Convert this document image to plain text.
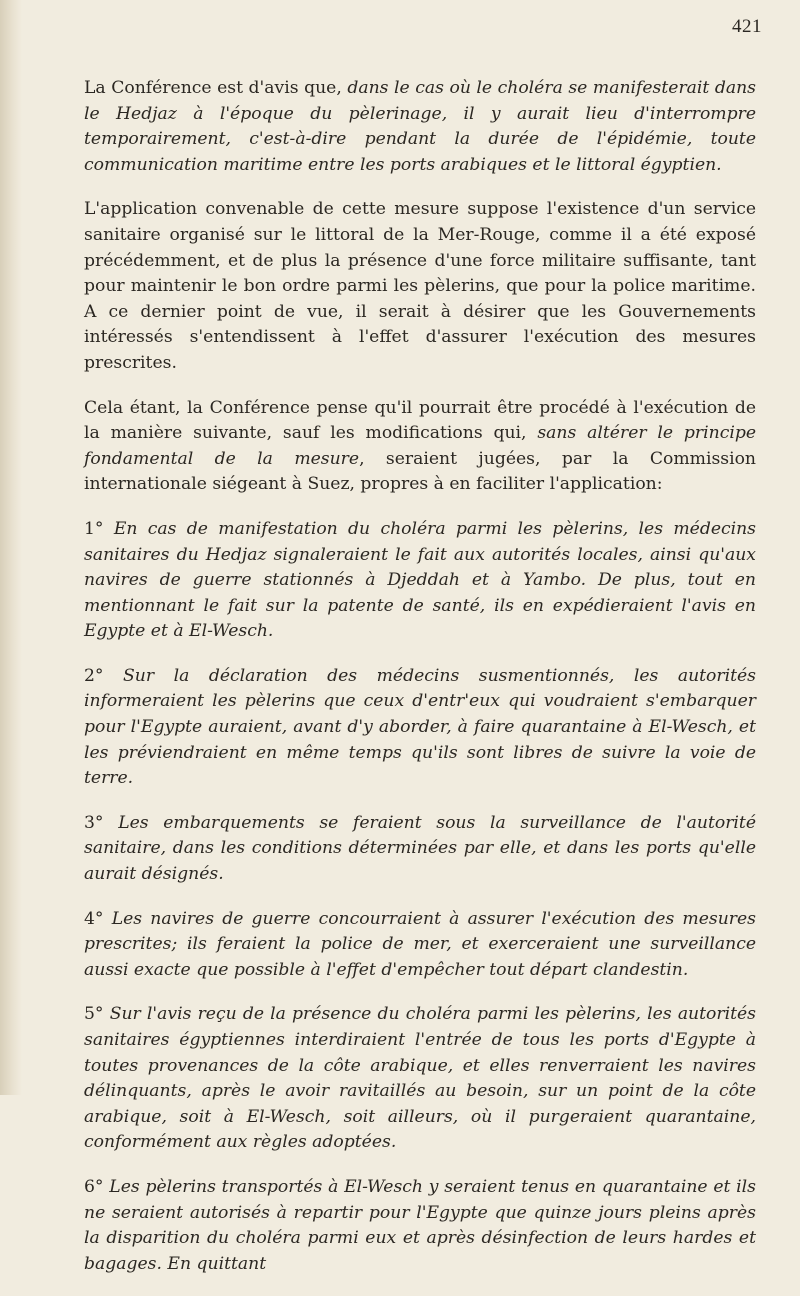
421

La Conférence est d'avis que, dans le cas où le choléra se manifesterait dans le Hedjaz à l'époque du pèlerinage, il y aurait lieu d'interrompre temporairement, c'est-à-dire pendant la durée de l'épidémie, toute communication maritime entre les ports arabiques et le littoral égyptien.

L'application convenable de cette mesure suppose l'existence d'un service sanitaire organisé sur le littoral de la Mer-Rouge, comme il a été exposé précédemment, et de plus la présence d'une force militaire suffisante, tant pour maintenir le bon ordre parmi les pèlerins, que pour la police maritime. A ce dernier point de vue, il serait à désirer que les Gouvernements intéressés s'entendissent à l'effet d'assurer l'exécution des mesures prescrites.

Cela étant, la Conférence pense qu'il pourrait être procédé à l'exécution de la manière suivante, sauf les modifications qui, sans altérer le principe fondamental de la mesure, seraient jugées, par la Commission internationale siégeant à Suez, propres à en faciliter l'application:

1° En cas de manifestation du choléra parmi les pèlerins, les médecins sanitaires du Hedjaz signaleraient le fait aux autorités locales, ainsi qu'aux navires de guerre stationnés à Djeddah et à Yambo. De plus, tout en mentionnant le fait sur la patente de santé, ils en expédieraient l'avis en Egypte et à El-Wesch.

2° Sur la déclaration des médecins susmentionnés, les autorités informeraient les pèlerins que ceux d'entr'eux qui voudraient s'embarquer pour l'Egypte auraient, avant d'y aborder, à faire quarantaine à El-Wesch, et les préviendraient en même temps qu'ils sont libres de suivre la voie de terre.

3° Les embarquements se feraient sous la surveillance de l'autorité sanitaire, dans les conditions déterminées par elle, et dans les ports qu'elle aurait désignés.

4° Les navires de guerre concourraient à assurer l'exécution des mesures prescrites; ils feraient la police de mer, et exerceraient une surveillance aussi exacte que possible à l'effet d'empêcher tout départ clandestin.

5° Sur l'avis reçu de la présence du choléra parmi les pèlerins, les autorités sanitaires égyptiennes interdiraient l'entrée de tous les ports d'Egypte à toutes provenances de la côte arabique, et elles renverraient les navires délinquants, après le avoir ravitaillés au besoin, sur un point de la côte arabique, soit à El-Wesch, soit ailleurs, où il purgeraient quarantaine, conformément aux règles adoptées.

6° Les pèlerins transportés à El-Wesch y seraient tenus en quarantaine et ils ne seraient autorisés à repartir pour l'Egypte que quinze jours pleins après la disparition du choléra parmi eux et après désinfection de leurs hardes et bagages. En quittant
